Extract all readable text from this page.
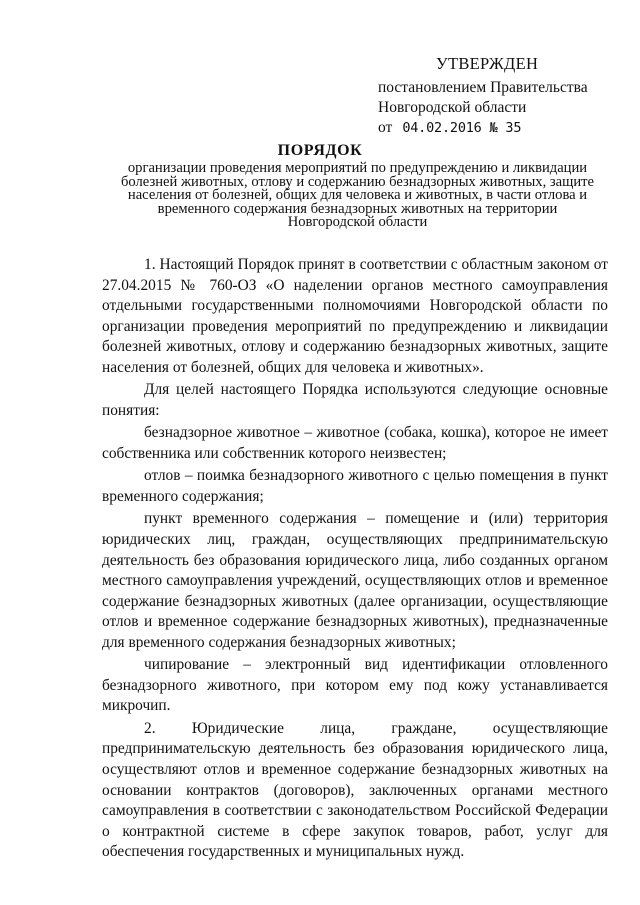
УТВЕРЖДЕН
постановлением Правительства
Новгородской области
от 04.02.2016 № 35
ПОРЯДОК
организации проведения мероприятий по предупреждению и ликвидации
болезней животных, отлову и содержанию безнадзорных животных, защите
населения от болезней, общих для человека и животных, в части отлова и
временного содержания безнадзорных животных на территории
Новгородской области

1. Настоящий Порядок принят в соответствии с областным законом от 27.04.2015 № 760-ОЗ «О наделении органов местного самоуправления отдельными государственными полномочиями Новгородской области по организации проведения мероприятий по предупреждению и ликвидации болезней животных, отлову и содержанию безнадзорных животных, защите населения от болезней, общих для человека и животных».

Для целей настоящего Порядка используются следующие основные понятия:

безнадзорное животное – животное (собака, кошка), которое не имеет собственника или собственник которого неизвестен;

отлов – поимка безнадзорного животного с целью помещения в пункт временного содержания;

пункт временного содержания – помещение и (или) территория юридических лиц, граждан, осуществляющих предпринимательскую деятельность без образования юридического лица, либо созданных органом местного самоуправления учреждений, осуществляющих отлов и временное содержание безнадзорных животных (далее организации, осуществляющие отлов и временное содержание безнадзорных животных), предназначенные для временного содержания безнадзорных животных;

чипирование – электронный вид идентификации отловленного безнадзорного животного, при котором ему под кожу устанавливается микрочип.

2. Юридические лица, граждане, осуществляющие предпринимательскую деятельность без образования юридического лица, осуществляют отлов и временное содержание безнадзорных животных на основании контрактов (договоров), заключенных органами местного самоуправления в соответствии с законодательством Российской Федерации о контрактной системе в сфере закупок товаров, работ, услуг для обеспечения государственных и муниципальных нужд.
